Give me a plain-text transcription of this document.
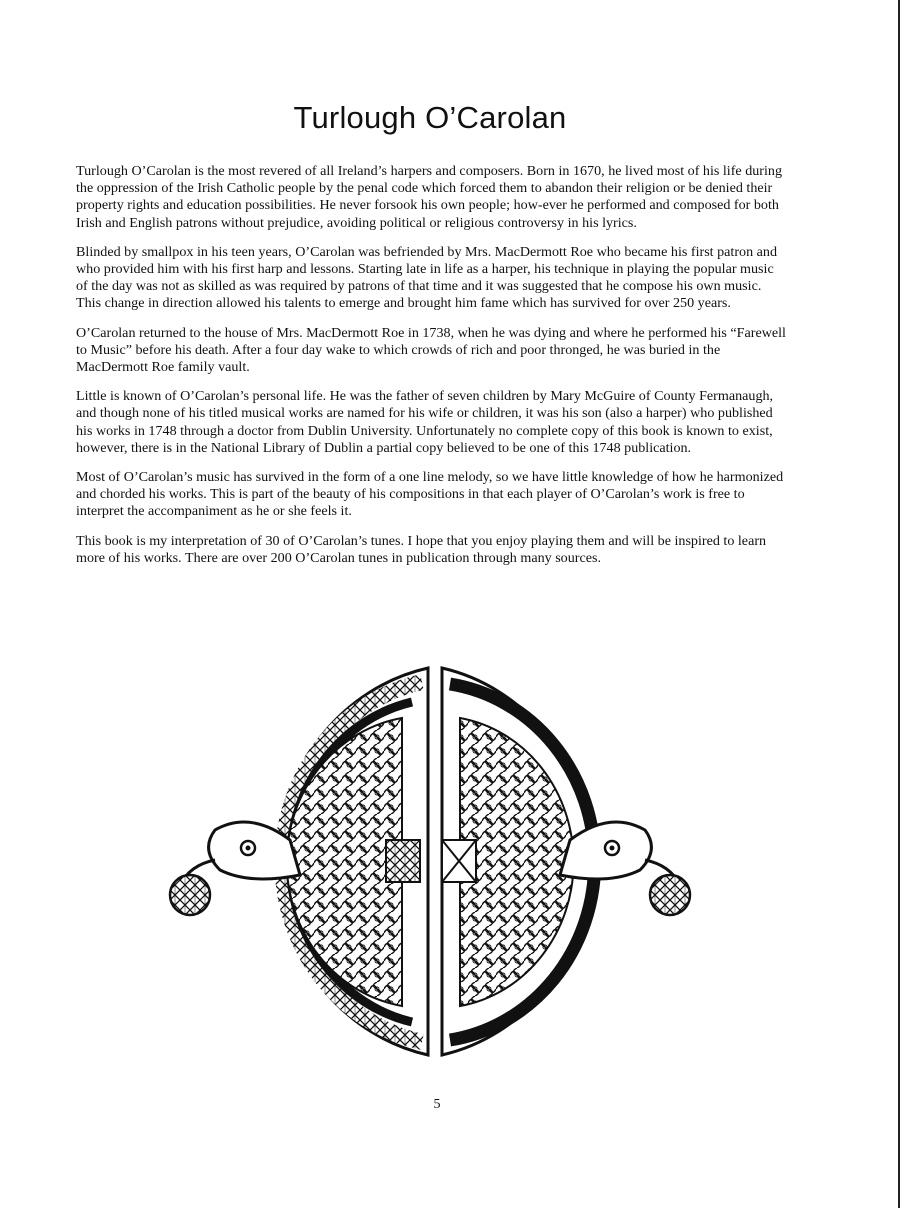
Turlough O’Carolan

Turlough O’Carolan is the most revered of all Ireland’s harpers and composers. Born in 1670, he lived most of his life during the oppression of the Irish Catholic people by the penal code which forced them to abandon their religion or be denied their property rights and education possibilities. He never forsook his own people; how-ever he performed and composed for both Irish and English patrons without prejudice, avoiding political or religious controversy in his lyrics.

Blinded by smallpox in his teen years, O’Carolan was befriended by Mrs. MacDermott Roe who became his first patron and who provided him with his first harp and lessons. Starting late in life as a harper, his technique in playing the popular music of the day was not as skilled as was required by patrons of that time and it was suggested that he compose his own music. This change in direction allowed his talents to emerge and brought him fame which has survived for over 250 years.

O’Carolan returned to the house of Mrs. MacDermott Roe in 1738, when he was dying and where he performed his “Farewell to Music” before his death. After a four day wake to which crowds of rich and poor thronged, he was buried in the MacDermott Roe family vault.

Little is known of O’Carolan’s personal life. He was the father of seven children by Mary McGuire of County Fermanaugh, and though none of his titled musical works are named for his wife or children, it was his son (also a harper) who published his works in 1748 through a doctor from Dublin University. Unfortunately no complete copy of this book is known to exist, however, there is in the National Library of Dublin a partial copy believed to be one of this 1748 publication.

Most of O’Carolan’s music has survived in the form of a one line melody, so we have little knowledge of how he harmonized and chorded his works. This is part of the beauty of his compositions in that each player of O’Carolan’s work is free to interpret the accompaniment as he or she feels it.

This book is my interpretation of 30 of O’Carolan’s tunes. I hope that you enjoy playing them and will be inspired to learn more of his works. There are over 200 O’Carolan tunes in publication through many sources.

5
